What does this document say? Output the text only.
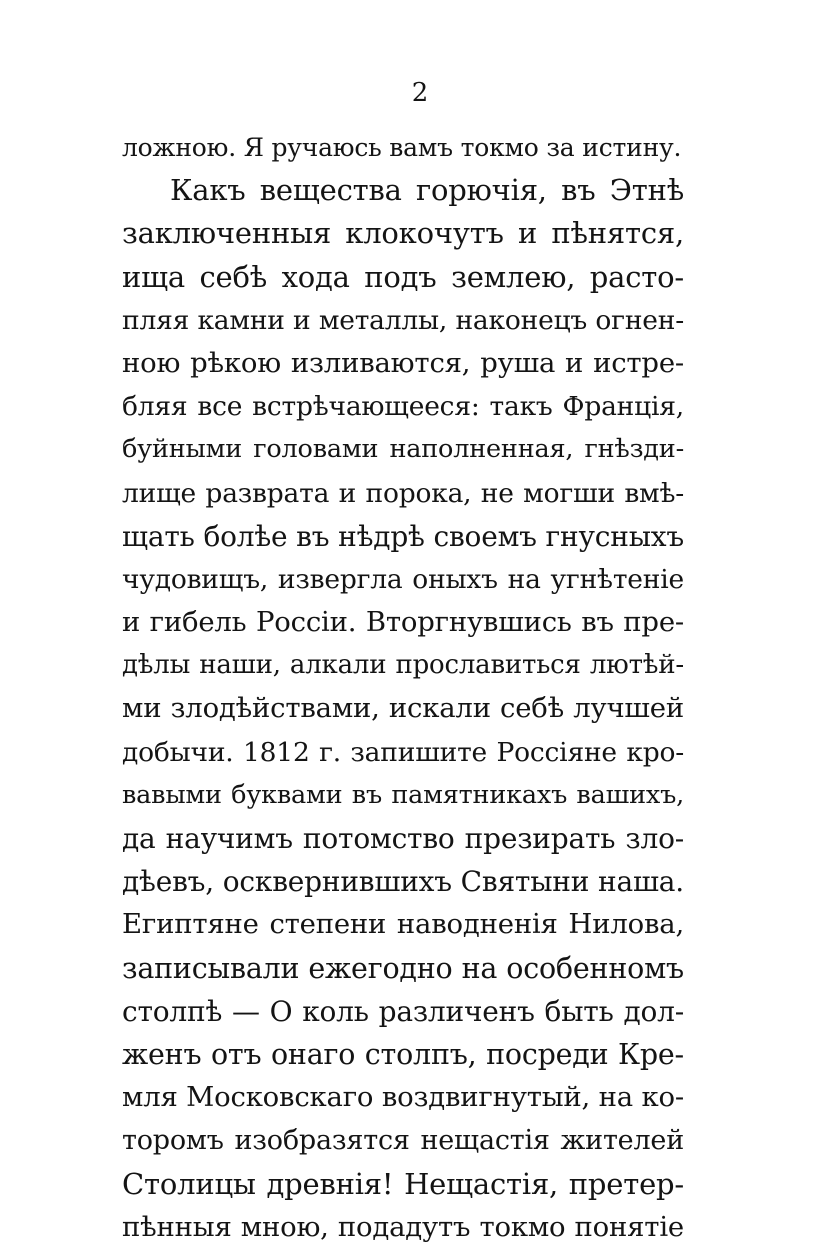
2
ложною. Я ручаюсь вамъ токмо за истину.
Какъ вещества горючія, въ Этнѣ
заключенныя клокочутъ и пѣнятся,
ища себѣ хода подъ землею, расто-
пляя камни и металлы, наконецъ огнен-
ною рѣкою изливаются, руша и истре-
бляя все встрѣчающееся: такъ Франція,
буйными головами наполненная, гнѣзди-
лище разврата и порока, не могши вмѣ-
щать болѣе въ нѣдрѣ своемъ гнусныхъ
чудовищъ, извергла оныхъ на угнѣтеніе
и гибель Россіи. Вторгнувшись въ пре-
дѣлы наши, алкали прославиться лютѣй-
ми злодѣйствами, искали себѣ лучшей
добычи. 1812 г. запишите Россіяне кро-
вавыми буквами въ памятникахъ вашихъ,
да научимъ потомство презирать зло-
дѣевъ, осквернившихъ Святыни наша.
Египтяне степени наводненія Нилова,
записывали ежегодно на особенномъ
столпѣ — О коль различенъ быть дол-
женъ отъ онаго столпъ, посреди Кре-
мля Московскаго воздвигнутый, на ко-
торомъ изобразятся нещастія жителей
Столицы древнія! Нещастія, претер-
пѣнныя мною, подадутъ токмо понятіе
